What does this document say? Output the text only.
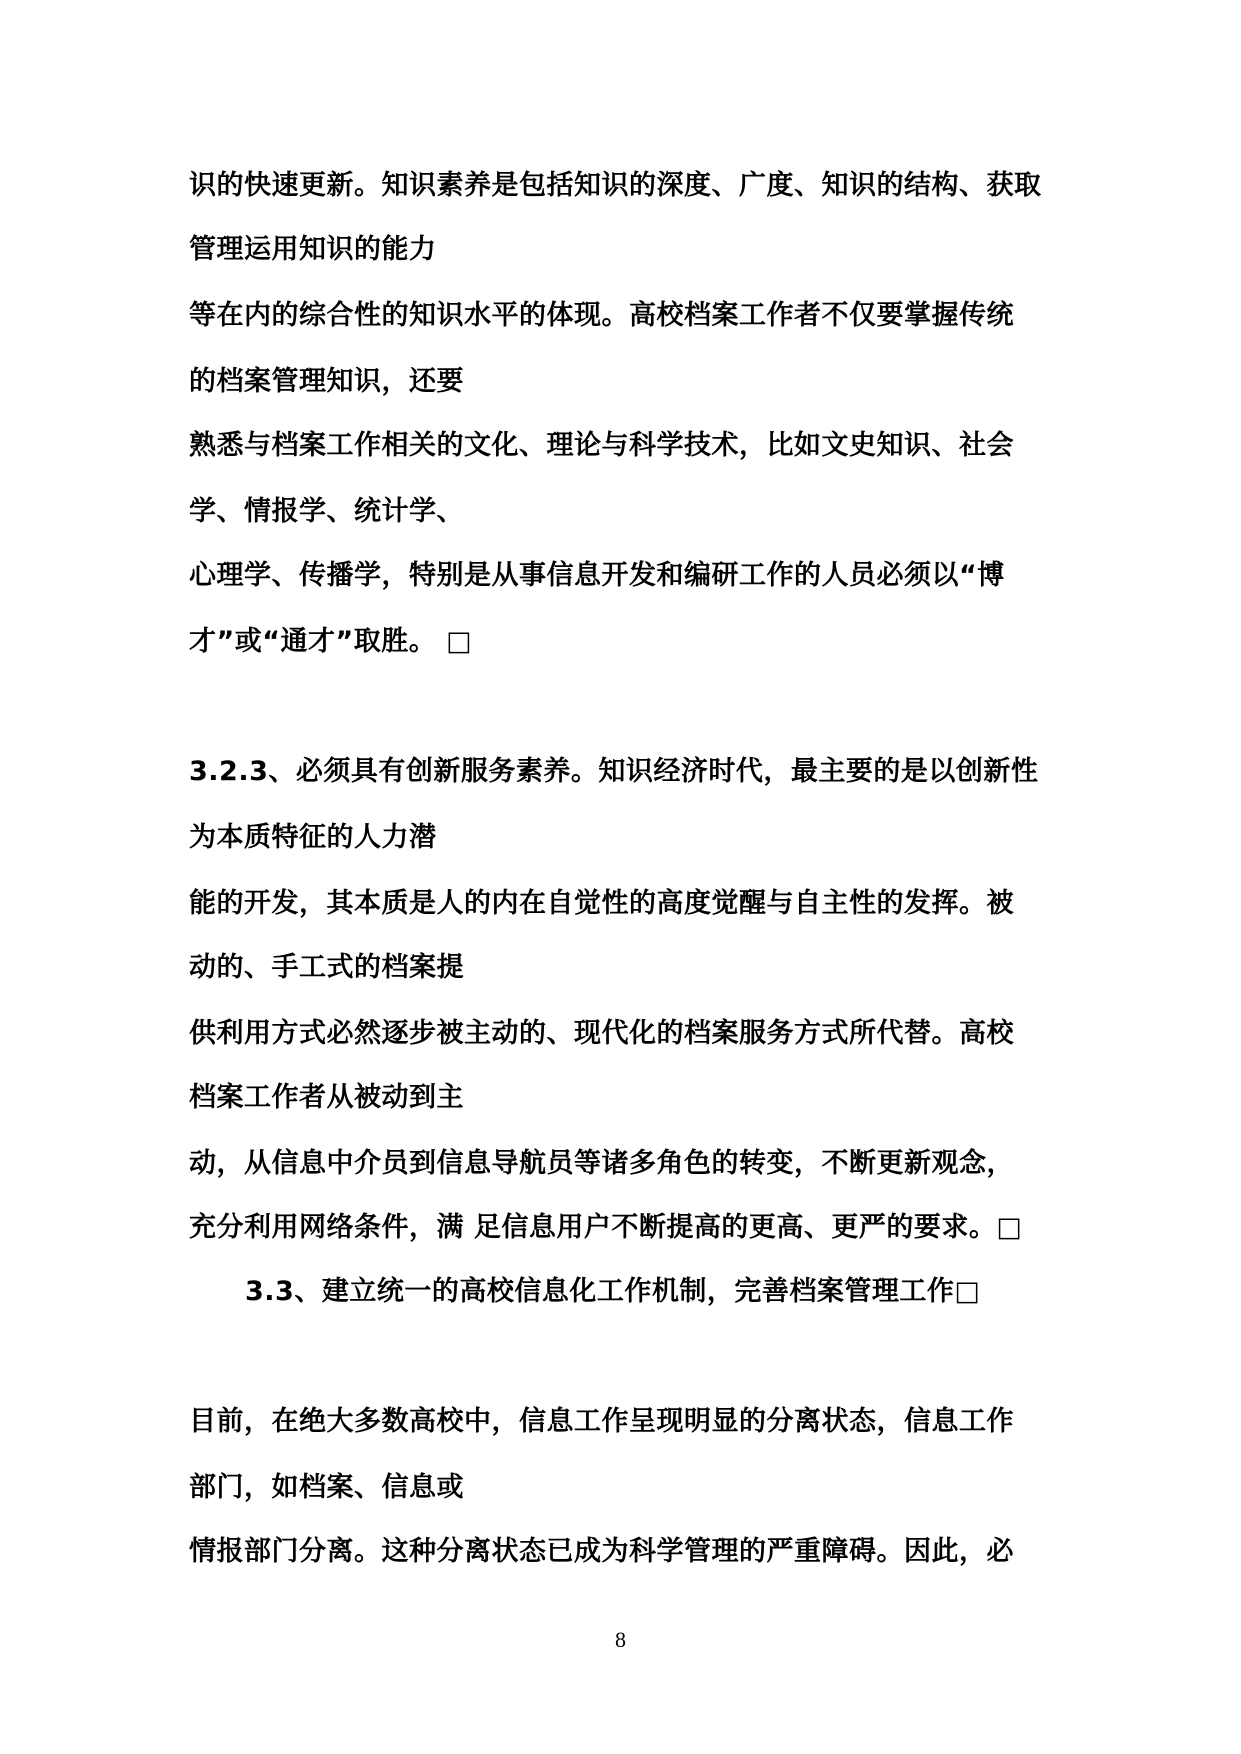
识的快速更新。知识素养是包括知识的深度、广度、知识的结构、获取
管理运用知识的能力
等在内的综合性的知识水平的体现。高校档案工作者不仅要掌握传统
的档案管理知识，还要
熟悉与档案工作相关的文化、理论与科学技术，比如文史知识、社会
学、情报学、统计学、
心理学、传播学，特别是从事信息开发和编研工作的人员必须以“博
才”或“通才”取胜。 □
3.2.3、必须具有创新服务素养。知识经济时代，最主要的是以创新性
为本质特征的人力潜
能的开发，其本质是人的内在自觉性的高度觉醒与自主性的发挥。被
动的、手工式的档案提
供利用方式必然逐步被主动的、现代化的档案服务方式所代替。高校
档案工作者从被动到主
动，从信息中介员到信息导航员等诸多角色的转变，不断更新观念，
充分利用网络条件，满 足信息用户不断提高的更高、更严的要求。□
3.3、建立统一的高校信息化工作机制，完善档案管理工作□
目前，在绝大多数高校中，信息工作呈现明显的分离状态，信息工作
部门，如档案、信息或
情报部门分离。这种分离状态已成为科学管理的严重障碍。因此，必
8
